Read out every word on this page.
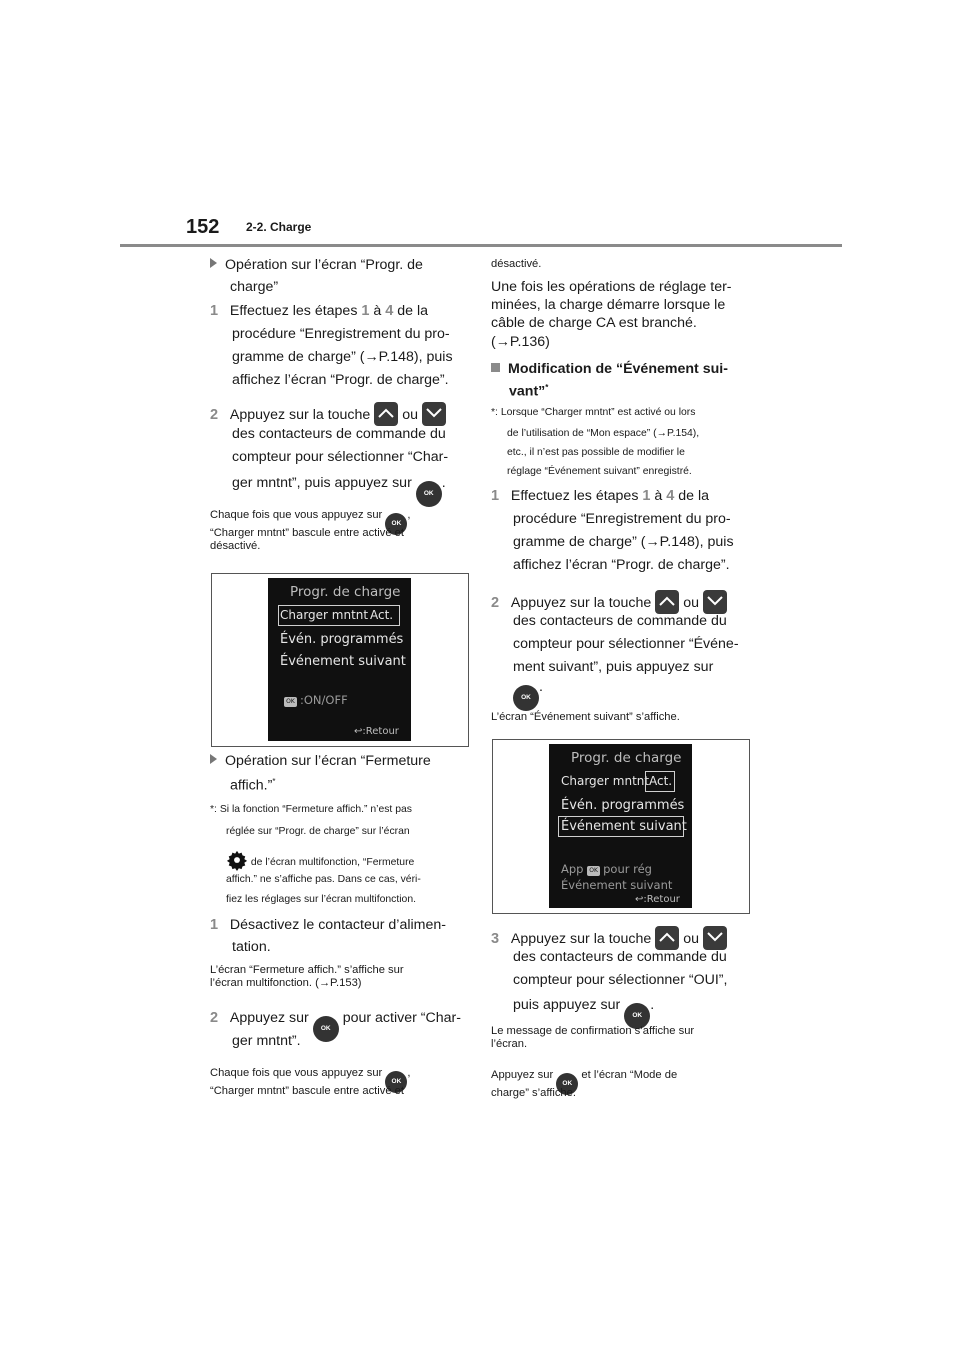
152 2-2. Charge
Opération sur l’écran “Progr. de
charge”
1 Effectuez les étapes 1 à 4 de la
procédure “Enregistrement du pro-
gramme de charge” (→P.148), puis
affichez l’écran “Progr. de charge”.
2 Appuyez sur la touche ou
des contacteurs de commande du
compteur pour sélectionner “Char-
ger mntnt”, puis appuyez sur OK.
Chaque fois que vous appuyez sur OK,
“Charger mntnt” bascule entre activé et
désactivé.
Progr. de charge
Charger mntnt Act.
Évén. programmés
Événement suivant
OK :ON/OFF
↩:Retour
Opération sur l’écran “Fermeture
affich.”*
*: Si la fonction “Fermeture affich.” n’est pas
réglée sur “Progr. de charge” sur l’écran
de l’écran multifonction, “Fermeture
affich.” ne s’affiche pas. Dans ce cas, véri-
fiez les réglages sur l’écran multifonction.
1 Désactivez le contacteur d’alimen-
tation.
L’écran “Fermeture affich.” s’affiche sur
l’écran multifonction. (→P.153)
2 Appuyez sur OK pour activer “Char-
ger mntnt”.
Chaque fois que vous appuyez sur OK,
“Charger mntnt” bascule entre activé et
désactivé.
Une fois les opérations de réglage ter-
minées, la charge démarre lorsque le
câble de charge CA est branché.
(→P.136)
Modification de “Événement sui-
vant”*
*: Lorsque “Charger mntnt” est activé ou lors
de l’utilisation de “Mon espace” (→P.154),
etc., il n’est pas possible de modifier le
réglage “Événement suivant” enregistré.
1 Effectuez les étapes 1 à 4 de la
procédure “Enregistrement du pro-
gramme de charge” (→P.148), puis
affichez l’écran “Progr. de charge”.
2 Appuyez sur la touche ou
des contacteurs de commande du
compteur pour sélectionner “Événe-
ment suivant”, puis appuyez sur
OK.
L’écran “Événement suivant” s’affiche.
Progr. de charge
Charger mntnt Act.
Évén. programmés
Événement suivant
App OK pour rég
Événement suivant
↩:Retour
3 Appuyez sur la touche ou
des contacteurs de commande du
compteur pour sélectionner “OUI”,
puis appuyez sur OK.
Le message de confirmation s’affiche sur
l’écran.
Appuyez sur OK et l’écran “Mode de
charge” s’affiche.
